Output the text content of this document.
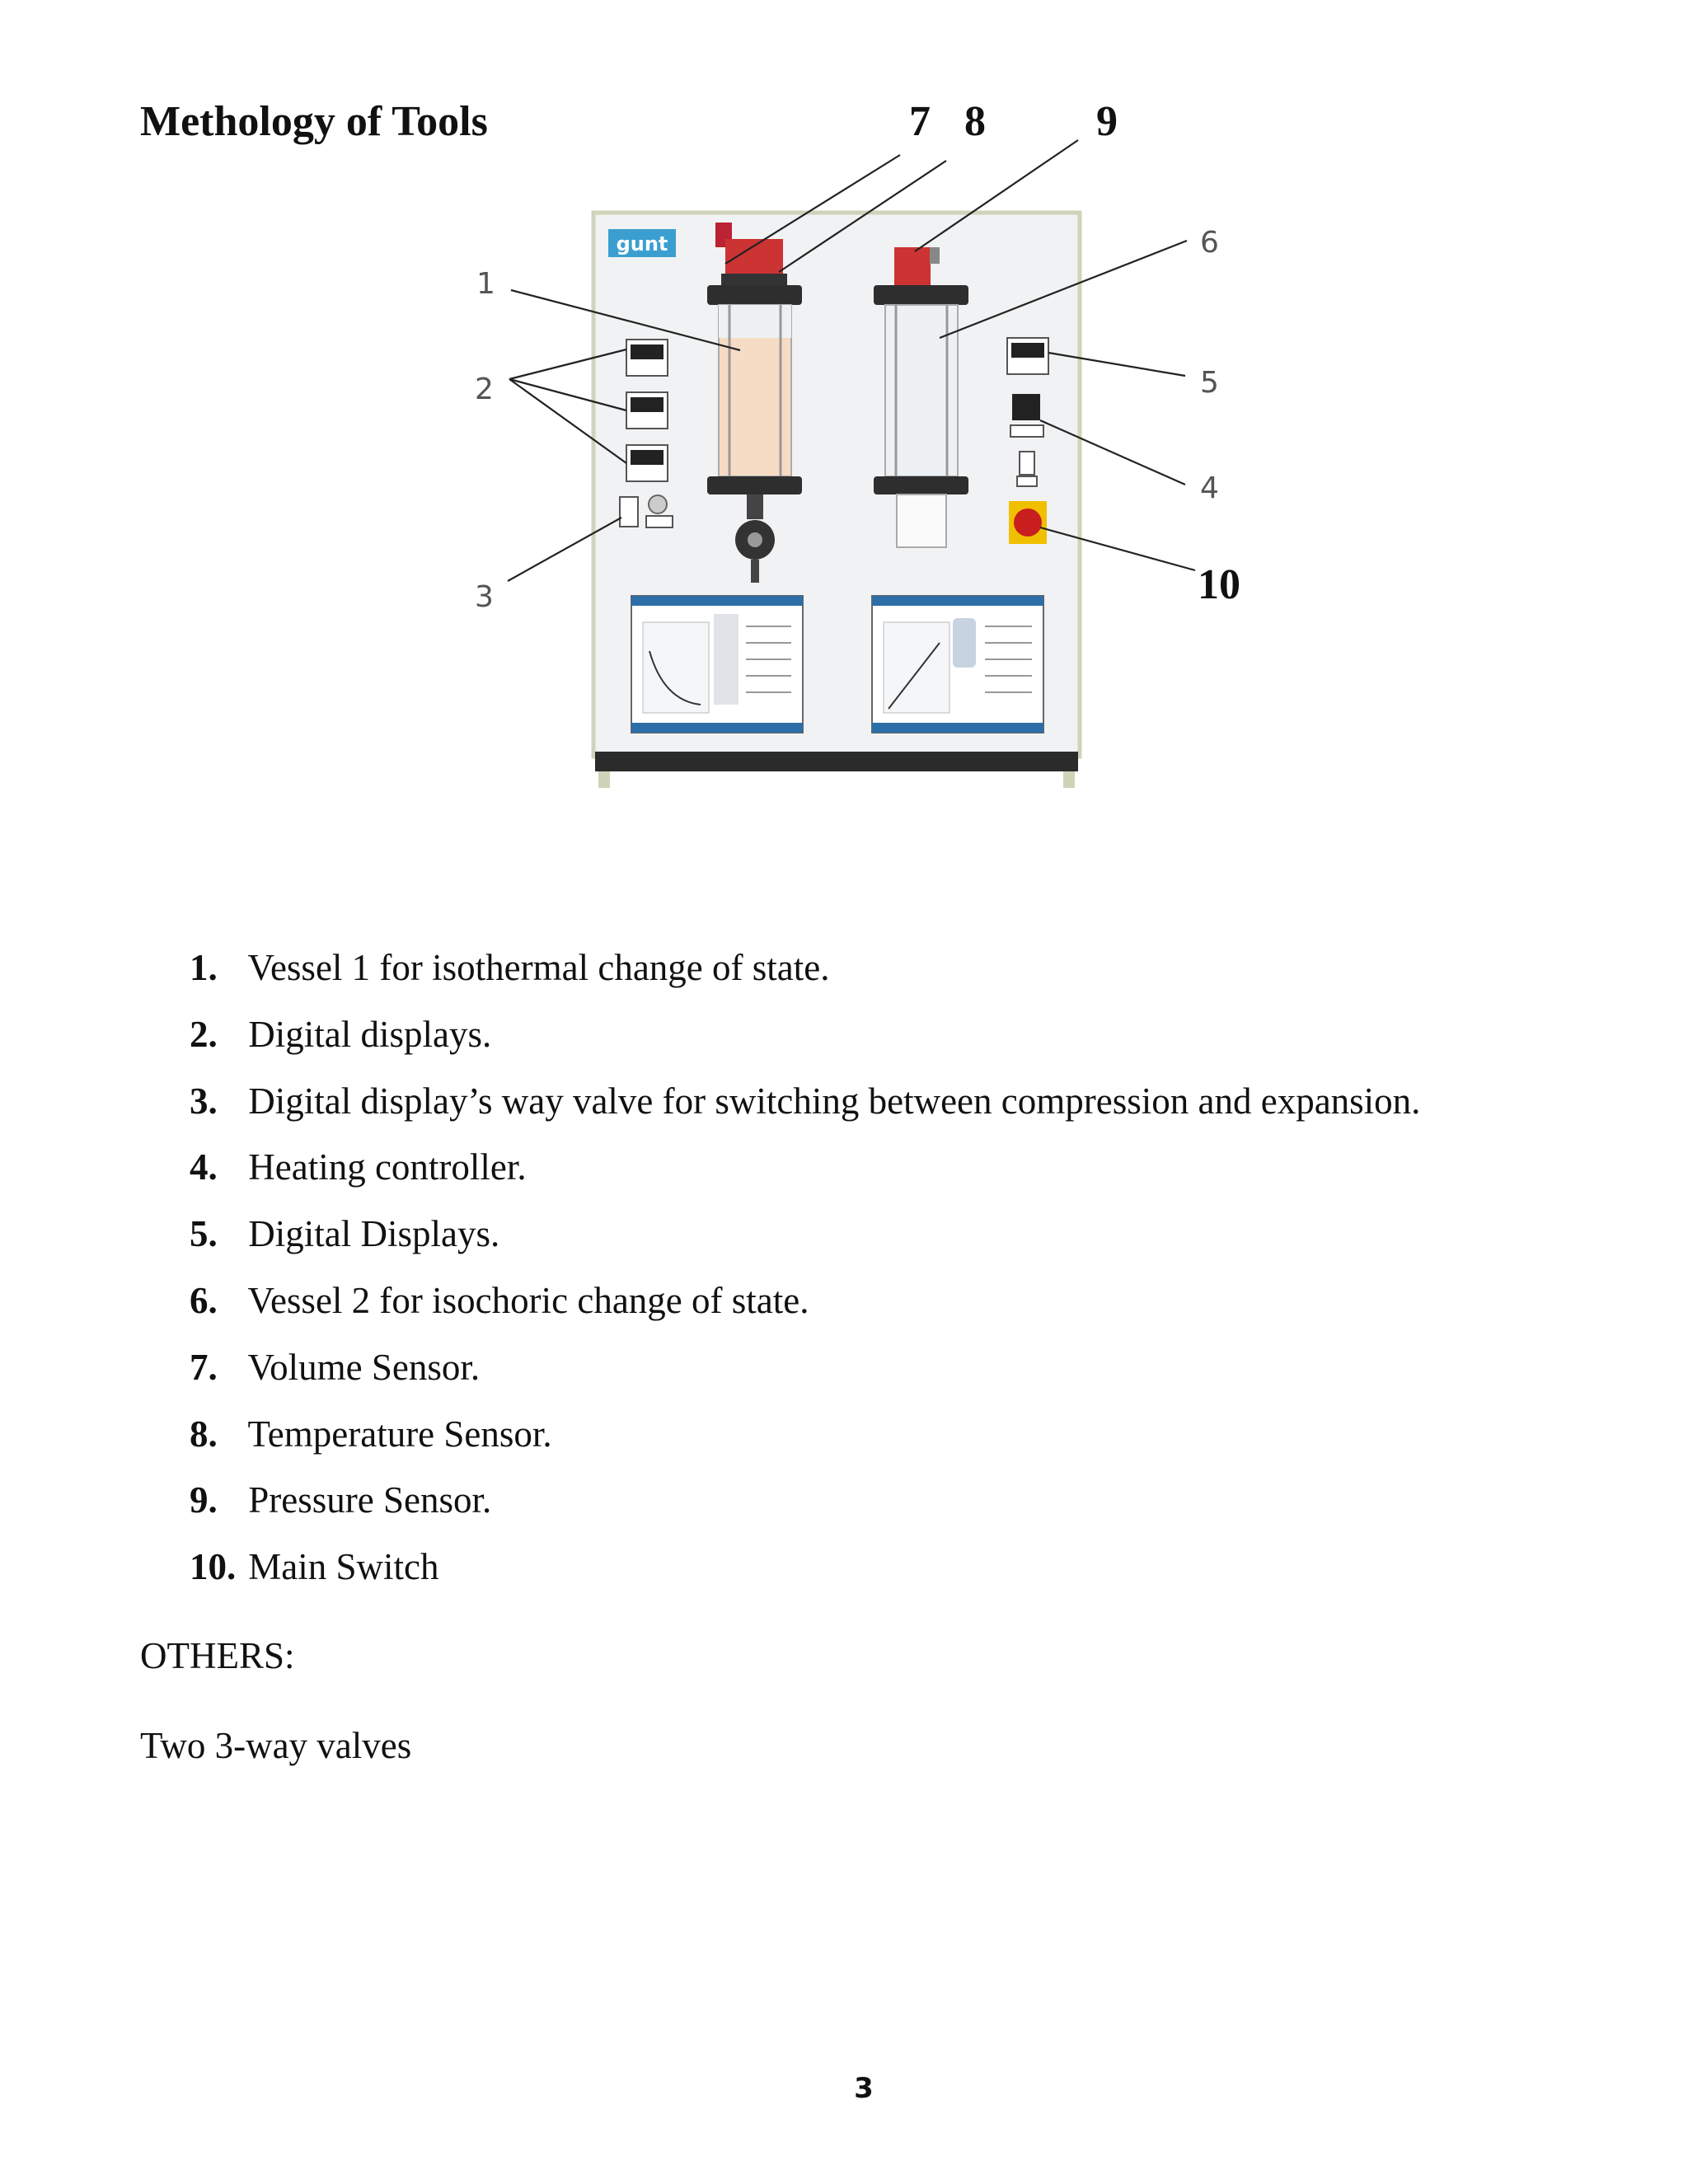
Methology of Tools	7 8	9
10
gunt
1
2
3
4
5
6
1. Vessel 1 for isothermal change of state.
2. Digital displays.
3. Digital display’s way valve for switching between compression and expansion.
4. Heating controller.
5. Digital Displays.
6. Vessel 2 for isochoric change of state.
7. Volume Sensor.
8. Temperature Sensor.
9. Pressure Sensor.
10. Main Switch
OTHERS:
Two 3-way valves
3
